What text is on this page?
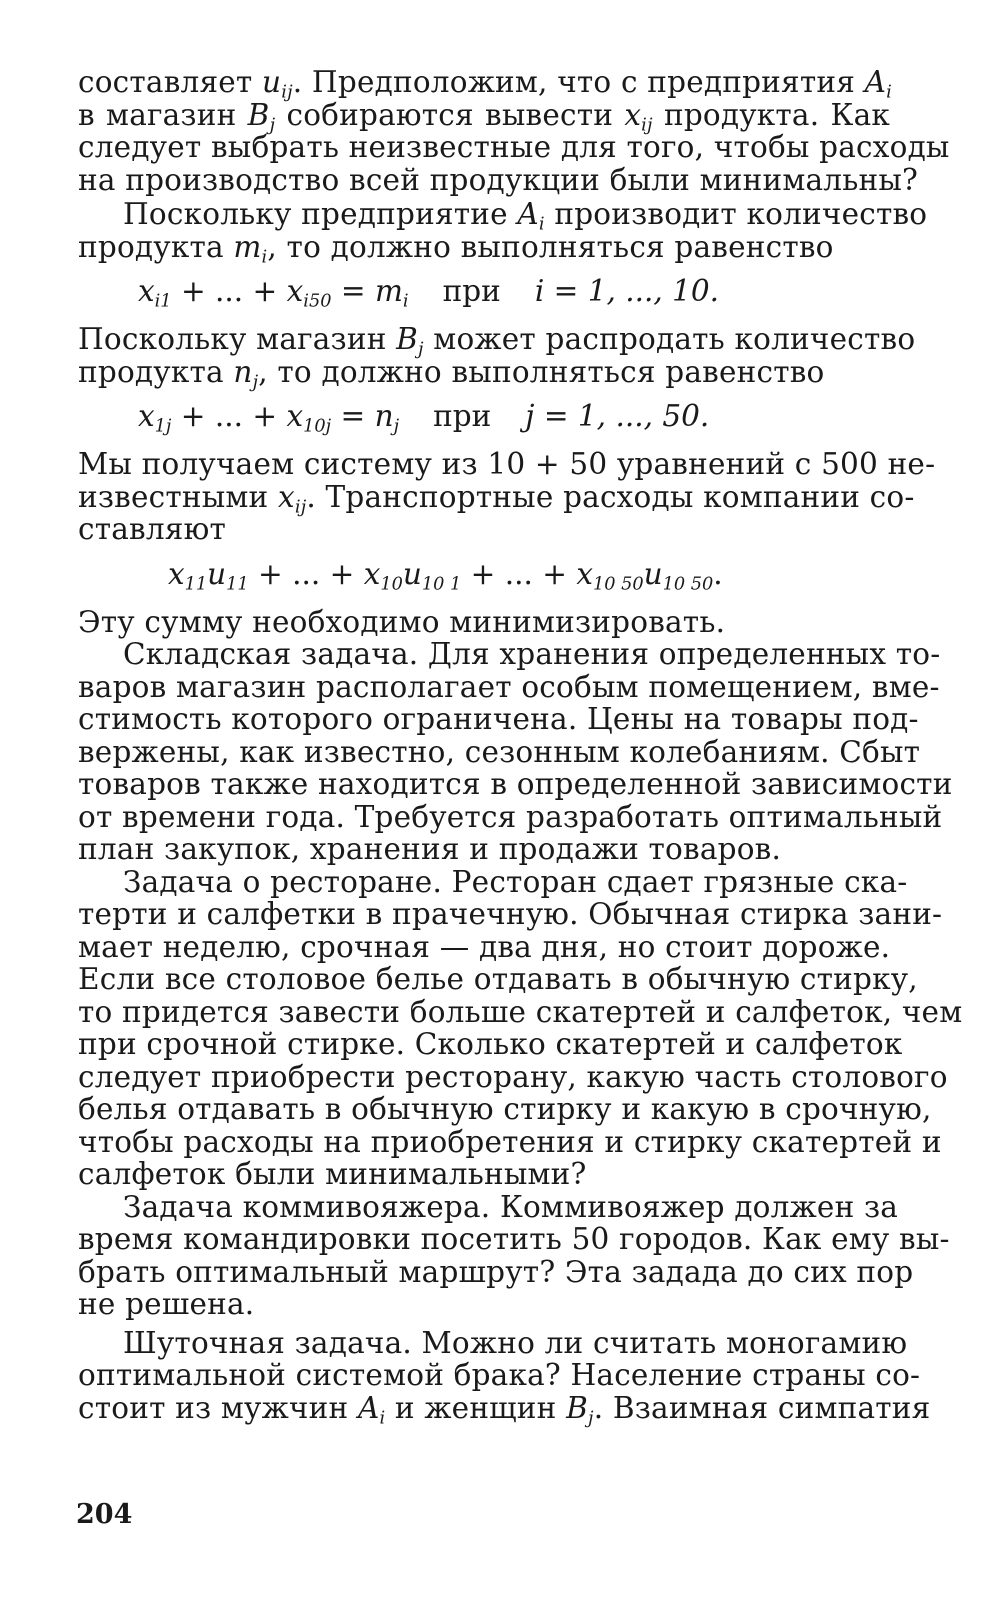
составляет $u_{ij}$. Предположим, что с предприятия $A_i$
в магазин $B_j$ собираются вывести $x_{ij}$ продукта. Как
следует выбрать неизвестные для того, чтобы расходы
на производство всей продукции были минимальны?
Поскольку предприятие $A_i$ производит количество
продукта $m_i$, то должно выполняться равенство
$x_{i1}$ + ... + $x_{i50} = m_i$ при i = 1, ..., 10.
Поскольку магазин $B_j$ может распродать количество
продукта $n_j$, то должно выполняться равенство
$x_{1j}$ + ... + $x_{10j} = n_j$ при j = 1, ..., 50.
Мы получаем систему из 10 + 50 уравнений с 500 не-
известными $x_{ij}$. Транспортные расходы компании со-
ставляют
$x_{11}u_{11}$ + ... + $x_{10}u_{10 1}$ + ... + $x_{10 50}u_{10 50}$.
Эту сумму необходимо минимизировать.
Складская задача. Для хранения определенных то-
варов магазин располагает особым помещением, вме-
стимость которого ограничена. Цены на товары под-
вержены, как известно, сезонным колебаниям. Сбыт
товаров также находится в определенной зависимости
от времени года. Требуется разработать оптимальный
план закупок, хранения и продажи товаров.
Задача о ресторане. Ресторан сдает грязные ска-
терти и салфетки в прачечную. Обычная стирка зани-
мает неделю, срочная — два дня, но стоит дороже.
Если все столовое белье отдавать в обычную стирку,
то придется завести больше скатертей и салфеток, чем
при срочной стирке. Сколько скатертей и салфеток
следует приобрести ресторану, какую часть столового
белья отдавать в обычную стирку и какую в срочную,
чтобы расходы на приобретения и стирку скатертей и
салфеток были минимальными?
Задача коммивояжера. Коммивояжер должен за
время командировки посетить 50 городов. Как ему вы-
брать оптимальный маршрут? Эта задада до сих пор
не решена.
Шуточная задача. Можно ли считать моногамию
оптимальной системой брака? Население страны со-
стоит из мужчин $A_i$ и женщин $B_j$. Взаимная симпатия
204
